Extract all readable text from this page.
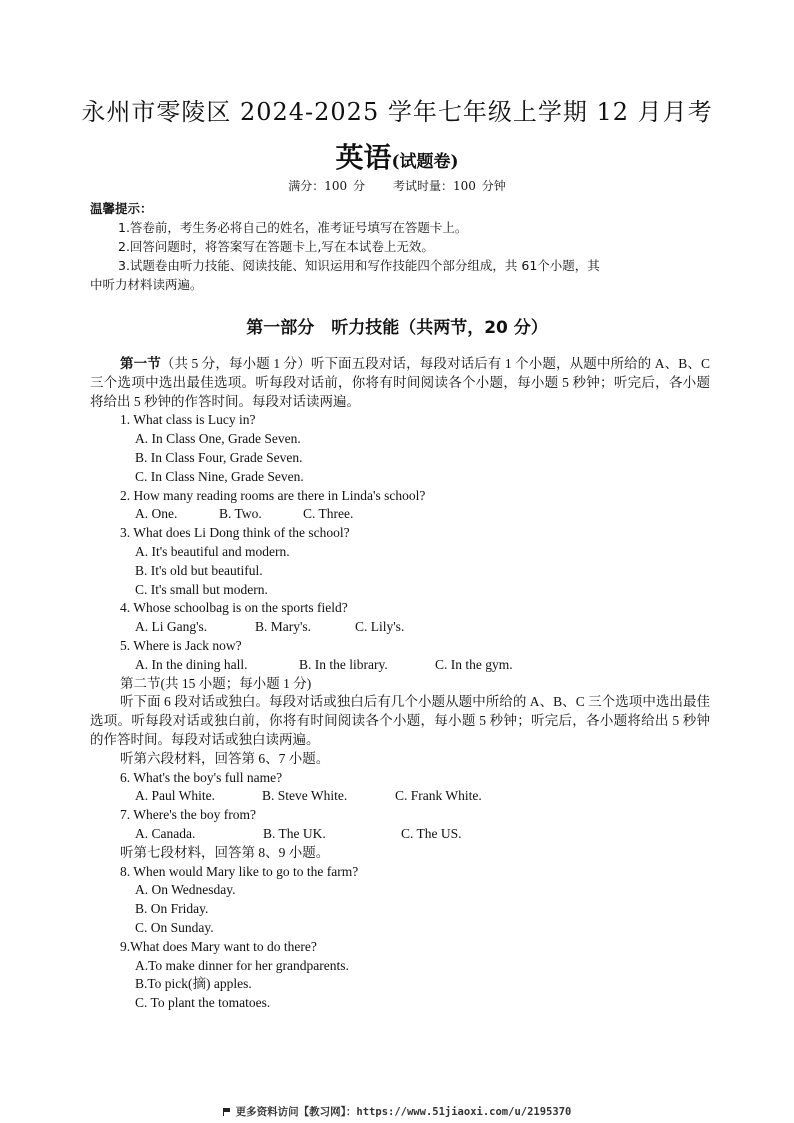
永州市零陵区 2024-2025 学年七年级上学期 12 月月考
英语(试题卷)
满分：100 分 考试时量：100 分钟
温馨提示：
1.答卷前，考生务必将自己的姓名，准考证号填写在答题卡上。
2.回答问题时，将答案写在答题卡上,写在本试卷上无效。
3.试题卷由听力技能、阅读技能、知识运用和写作技能四个部分组成，共 61个小题，其
中听力材料读两遍。
第一部分　听力技能（共两节，20 分）

第一节（共 5 分，每小题 1 分）听下面五段对话，每段对话后有 1 个小题，从题中所给的 A、B、C 三个选项中选出最佳选项。听每段对话前，你将有时间阅读各个小题，每小题 5 秒钟；听完后，各小题将给出 5 秒钟的作答时间。每段对话读两遍。

1. What class is Lucy in?

A. In Class One, Grade Seven.

B. In Class Four, Grade Seven.

C. In Class Nine, Grade Seven.

2. How many reading rooms are there in Linda's school?

A. One.	B. Two.	C. Three.

3. What does Li Dong think of the school?

A. It's beautiful and modern.

B. It's old but beautiful.

C. It's small but modern.

4. Whose schoolbag is on the sports field?

A. Li Gang's.	B. Mary's.	C. Lily's.

5. Where is Jack now?

A. In the dining hall.	B. In the library.	C. In the gym.

第二节(共 15 小题；每小题 1 分)

听下面 6 段对话或独白。每段对话或独白后有几个小题从题中所给的 A、B、C 三个选项中选出最佳选项。听每段对话或独白前，你将有时间阅读各个小题，每小题 5 秒钟；听完后，各小题将给出 5 秒钟的作答时间。每段对话或独白读两遍。

听第六段材料，回答第 6、7 小题。

6. What's the boy's full name?

A. Paul White.	B. Steve White.	C. Frank White.

7. Where's the boy from?

A. Canada.	B. The UK.	C. The US.

听第七段材料，回答第 8、9 小题。

8. When would Mary like to go to the farm?

A. On Wednesday.

B. On Friday.

C. On Sunday.

9.What does Mary want to do there?

A.To make dinner for her grandparents.

B.To pick(摘) apples.

C. To plant the tomatoes.

更多资料访问【教习网】：https://www.51jiaoxi.com/u/2195370
